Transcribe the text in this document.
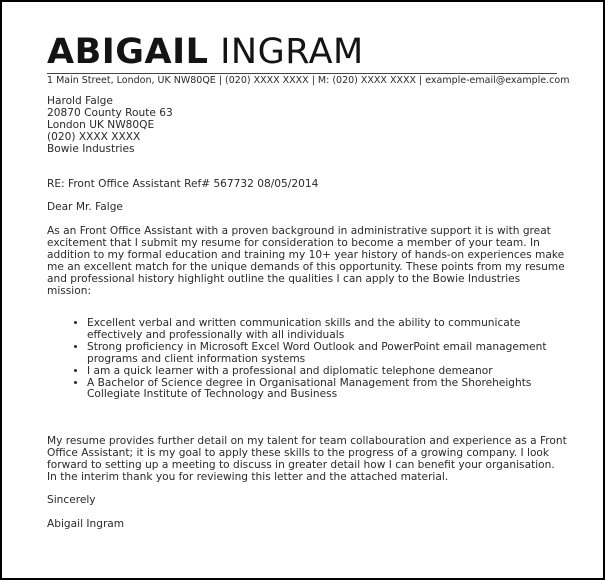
ABIGAIL INGRAM
1 Main Street, London, UK NW80QE | (020) XXXX XXXX | M: (020) XXXX XXXX | example-email@example.com
Harold Falge
20870 County Route 63
London UK NW80QE
(020) XXXX XXXX
Bowie Industries
RE: Front Office Assistant Ref# 567732 08/05/2014
Dear Mr. Falge
As an Front Office Assistant with a proven background in administrative support it is with great excitement that I submit my resume for consideration to become a member of your team. In addition to my formal education and training my 10+ year history of hands-on experiences make me an excellent match for the unique demands of this opportunity. These points from my resume and professional history highlight outline the qualities I can apply to the Bowie Industries mission:
• Excellent verbal and written communication skills and the ability to communicate effectively and professionally with all individuals
• Strong proficiency in Microsoft Excel Word Outlook and PowerPoint email management programs and client information systems
• I am a quick learner with a professional and diplomatic telephone demeanor
• A Bachelor of Science degree in Organisational Management from the Shoreheights Collegiate Institute of Technology and Business
My resume provides further detail on my talent for team collabouration and experience as a Front Office Assistant; it is my goal to apply these skills to the progress of a growing company. I look forward to setting up a meeting to discuss in greater detail how I can benefit your organisation. In the interim thank you for reviewing this letter and the attached material.
Sincerely
Abigail Ingram
